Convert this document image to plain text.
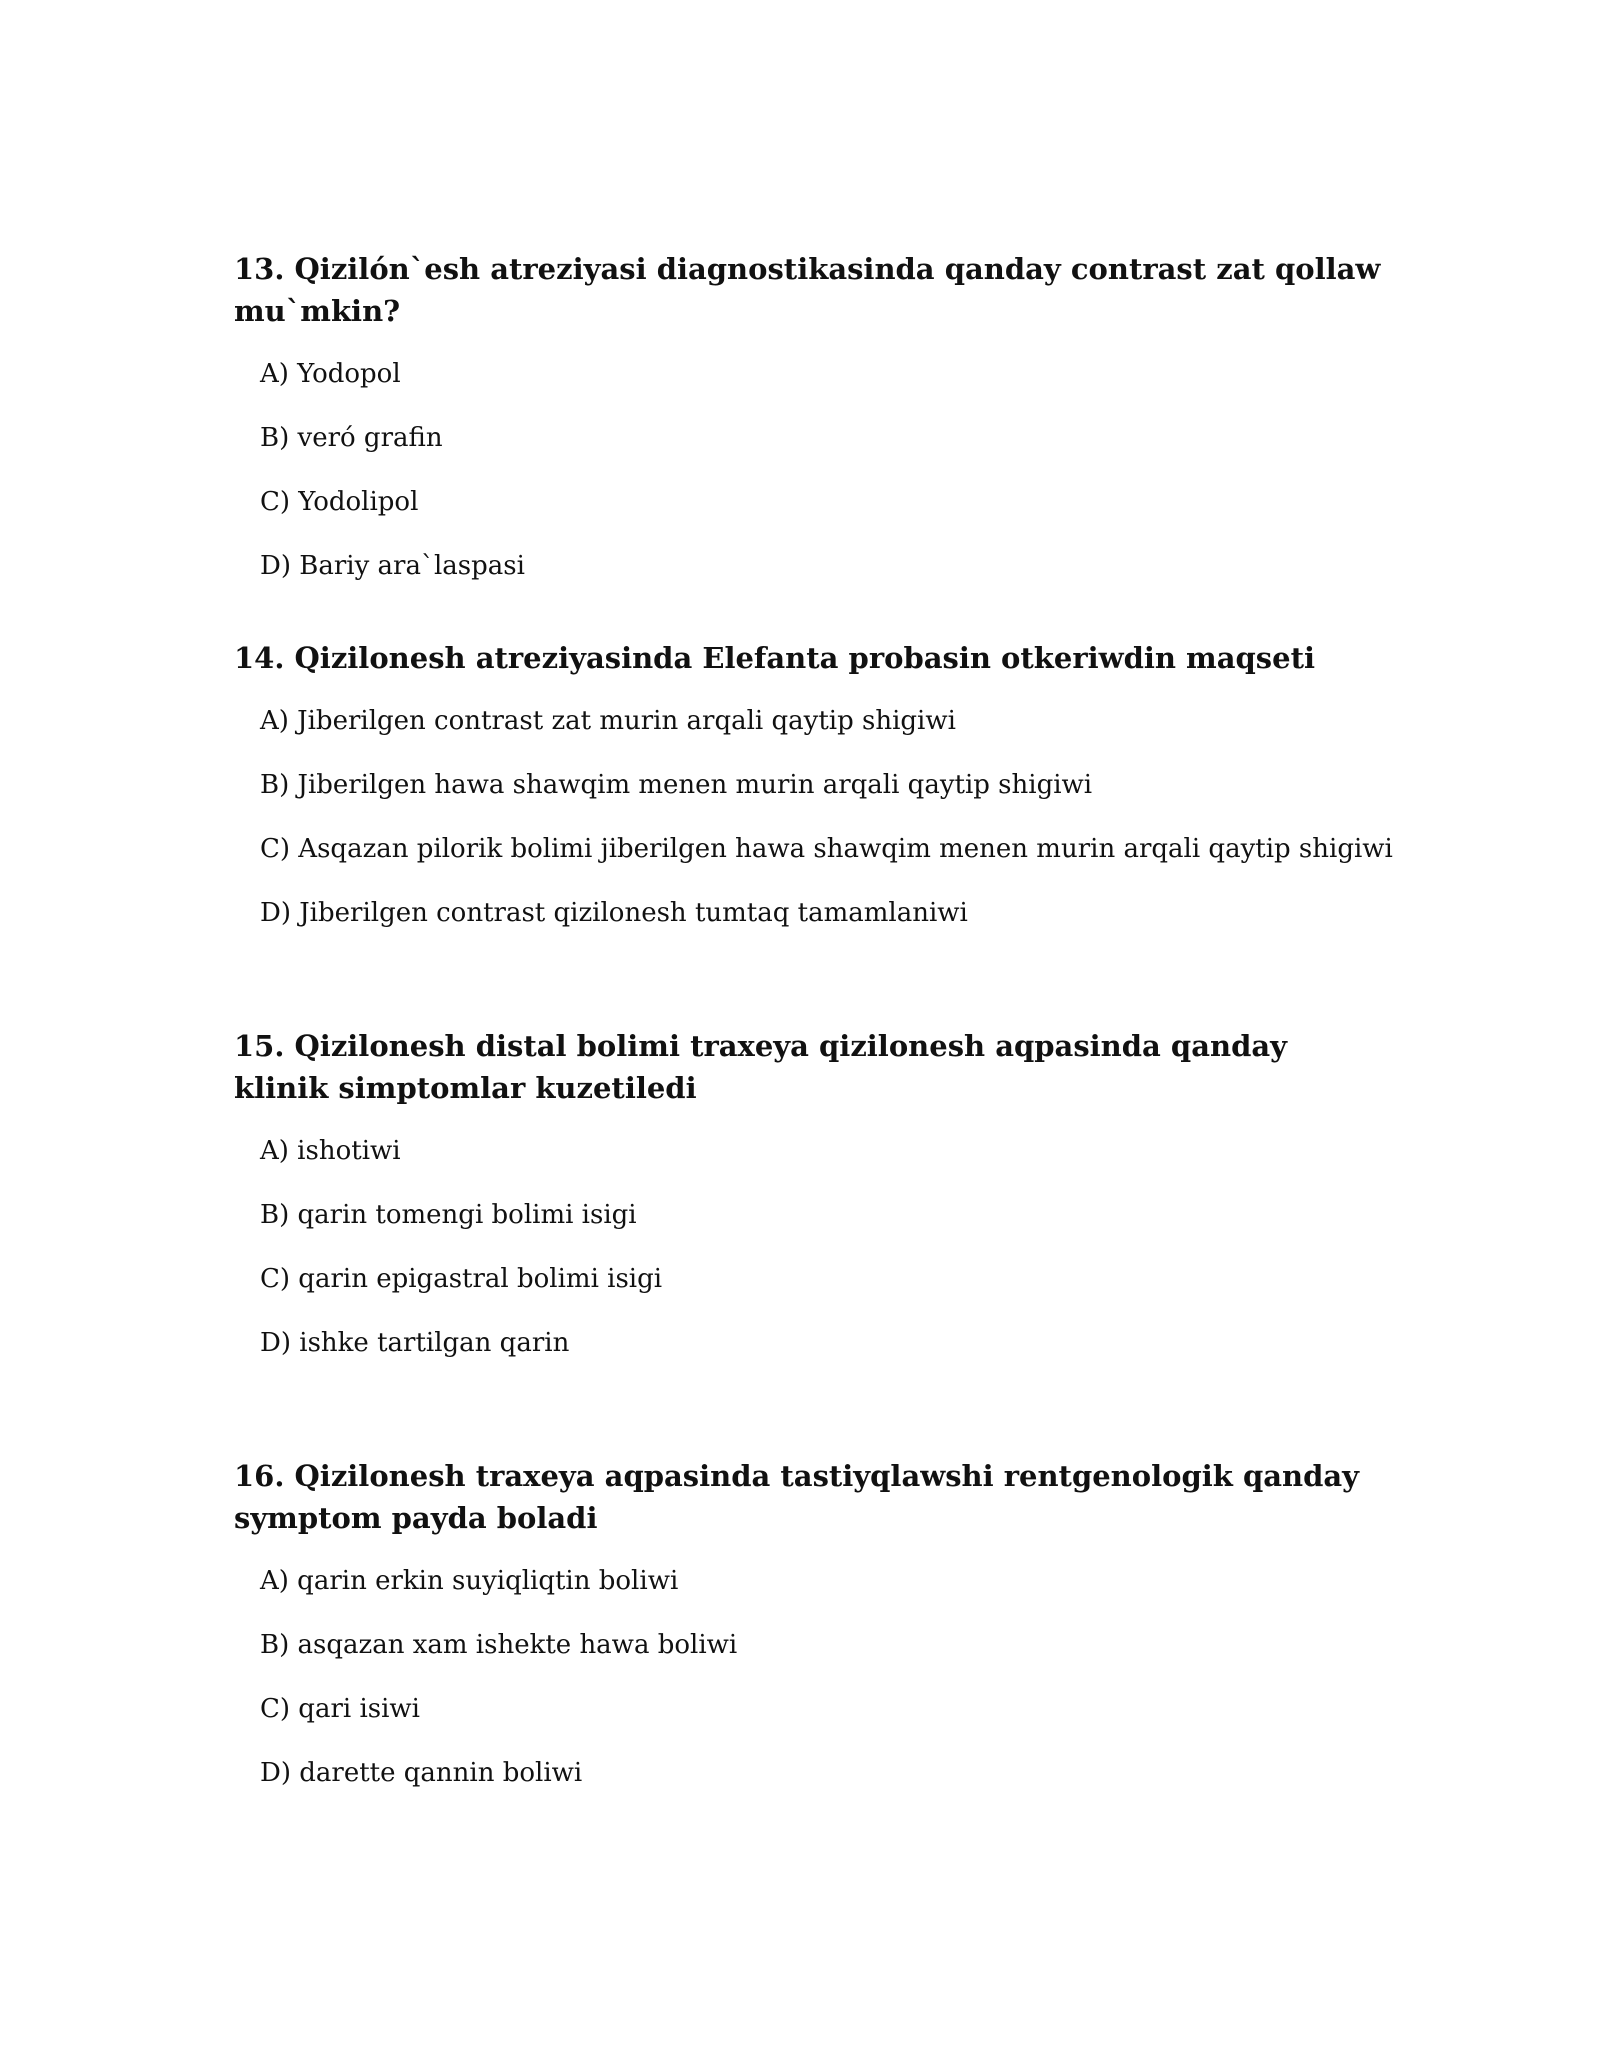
13. Qizilón`esh atreziyasi diagnostikasinda qanday contrast zat qollaw mu`mkin?
A) Yodopol
B) veró grafin
C) Yodolipol
D) Bariy ara`laspasi
14. Qizilonesh atreziyasinda Elefanta probasin otkeriwdin maqseti
A) Jiberilgen contrast zat murin arqali qaytip shigiwi
B) Jiberilgen hawa shawqim menen murin arqali qaytip shigiwi
C) Asqazan pilorik bolimi jiberilgen hawa shawqim menen murin arqali qaytip shigiwi
D) Jiberilgen contrast qizilonesh tumtaq tamamlaniwi
15. Qizilonesh distal bolimi traxeya qizilonesh aqpasinda qanday klinik simptomlar kuzetiledi
A) ishotiwi
B) qarin tomengi bolimi isigi
C) qarin epigastral bolimi isigi
D) ishke tartilgan qarin
16. Qizilonesh traxeya aqpasinda tastiyqlawshi rentgenologik qanday symptom payda boladi
A) qarin erkin suyiqliqtin boliwi
B) asqazan xam ishekte hawa boliwi
C) qari isiwi
D) darette qannin boliwi
